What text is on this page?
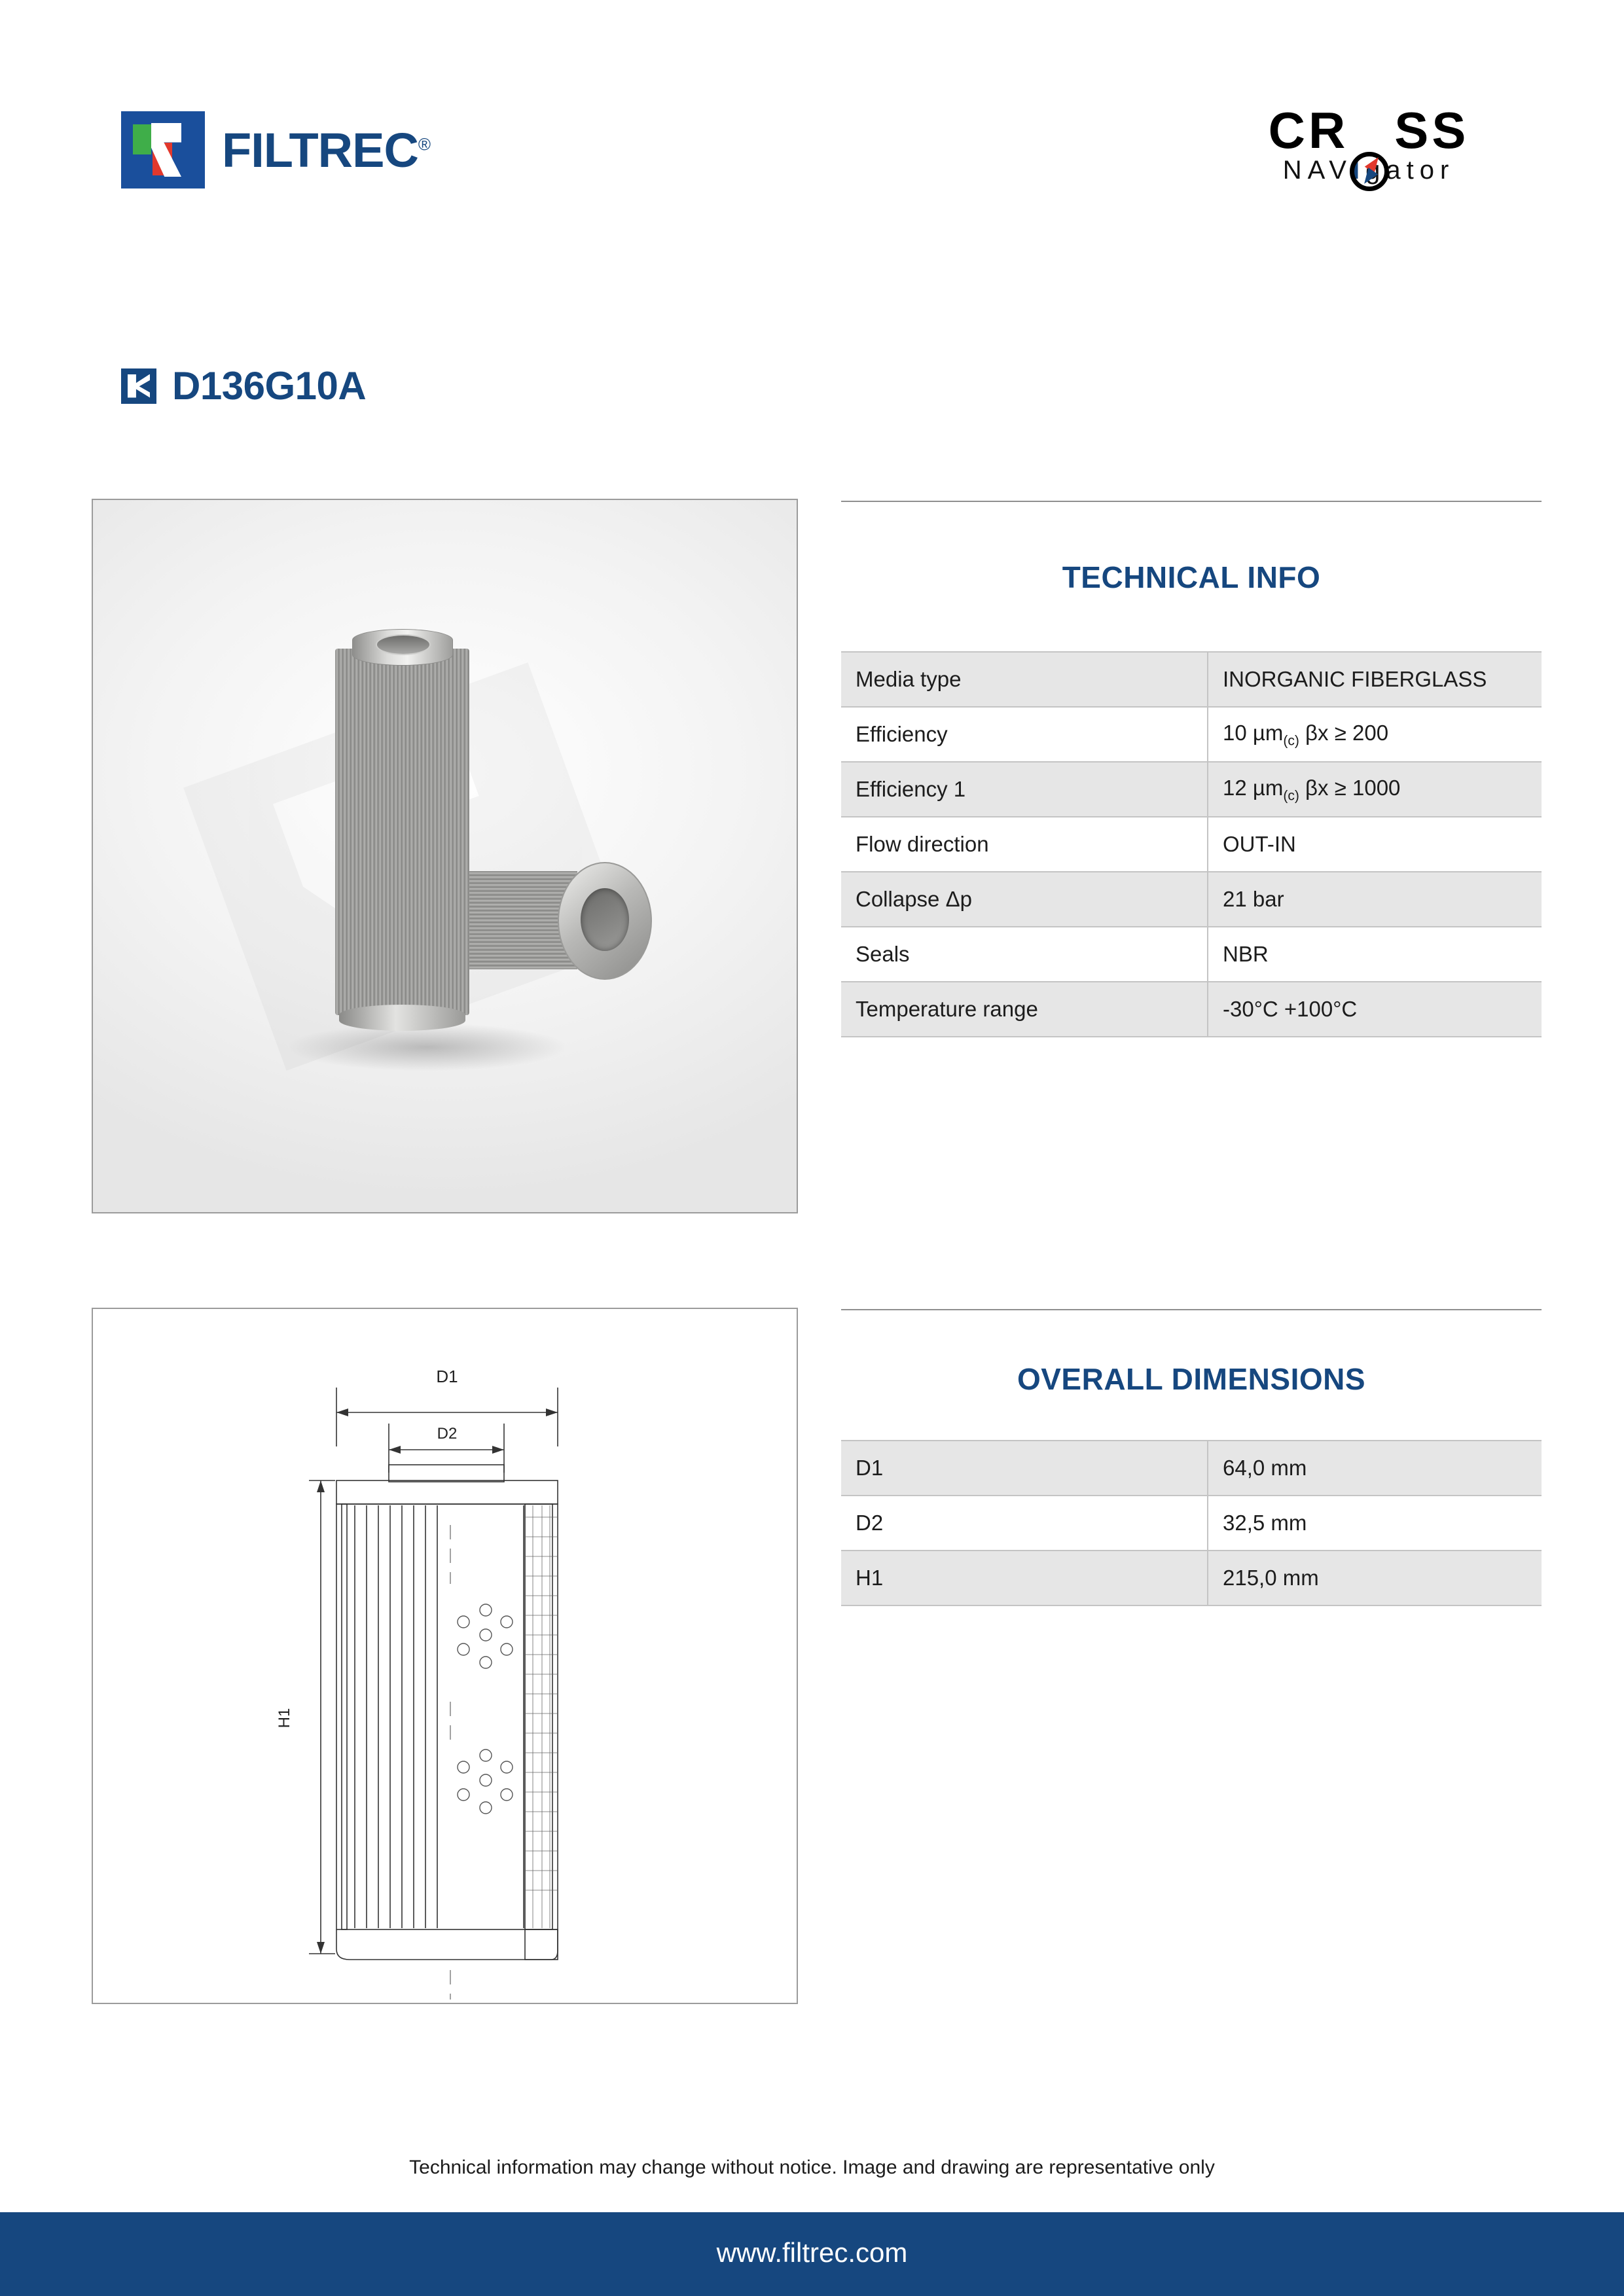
FILTREC®	CR SS
NAVIgator
D136G10A
TECHNICAL INFO
Media type	INORGANIC FIBERGLASS
Efficiency	10 µm$_{(c)}$ βx ≥ 200
Efficiency 1	12 µm$_{(c)}$ βx ≥ 1000
Flow direction	OUT-IN
Collapse Δp	21 bar
Seals	NBR
Temperature range	-30°C +100°C
D1
D2
H1
OVERALL DIMENSIONS
D1	64,0 mm
D2	32,5 mm
H1	215,0 mm
Technical information may change without notice. Image and drawing are representative only
www.filtrec.com
